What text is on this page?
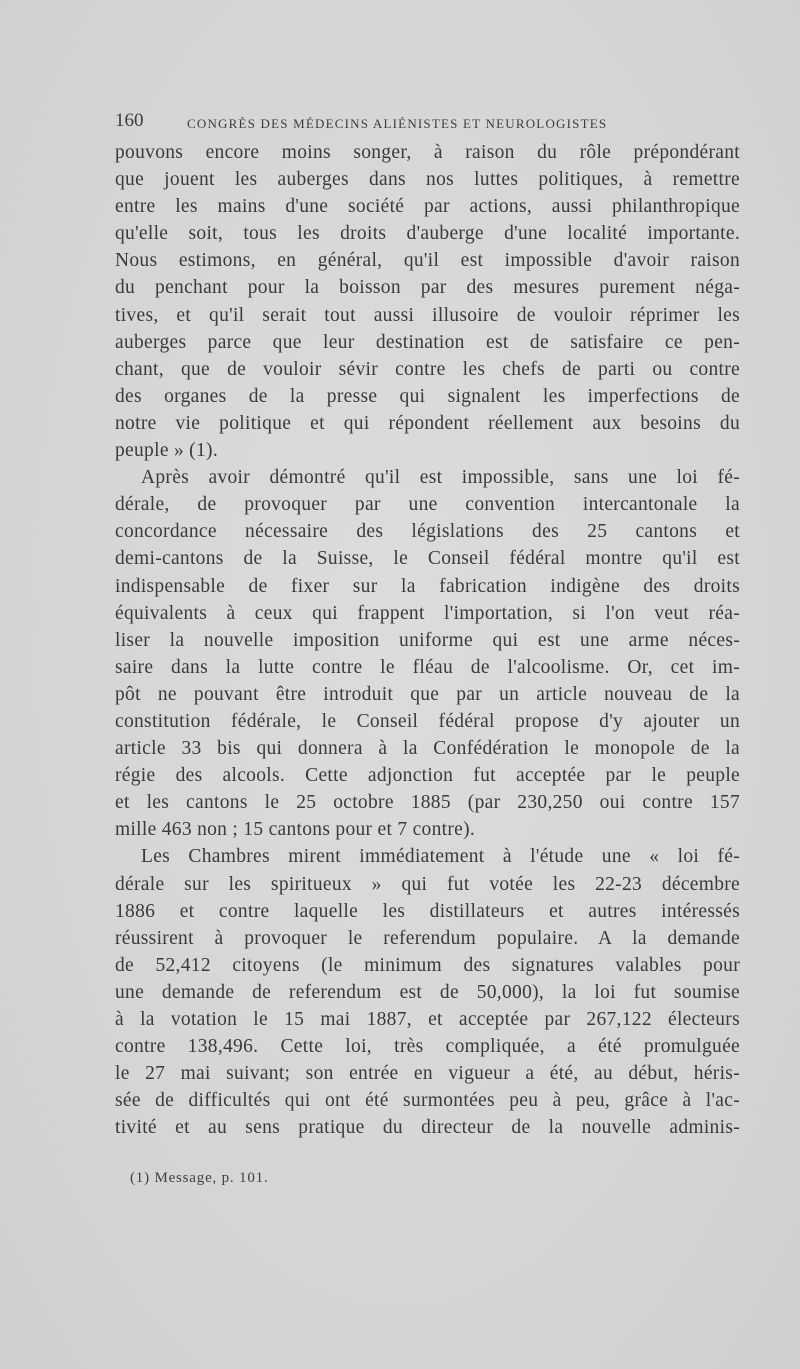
160	CONGRÈS DES MÉDECINS ALIÉNISTES ET NEUROLOGISTES
pouvons encore moins songer, à raison du rôle prépondérant
que jouent les auberges dans nos luttes politiques, à remettre
entre les mains d'une société par actions, aussi philanthropique
qu'elle soit, tous les droits d'auberge d'une localité importante.
Nous estimons, en général, qu'il est impossible d'avoir raison
du penchant pour la boisson par des mesures purement néga-
tives, et qu'il serait tout aussi illusoire de vouloir réprimer les
auberges parce que leur destination est de satisfaire ce pen-
chant, que de vouloir sévir contre les chefs de parti ou contre
des organes de la presse qui signalent les imperfections de
notre vie politique et qui répondent réellement aux besoins du
peuple » (1).
Après avoir démontré qu'il est impossible, sans une loi fé-
dérale, de provoquer par une convention intercantonale la
concordance nécessaire des législations des 25 cantons et
demi-cantons de la Suisse, le Conseil fédéral montre qu'il est
indispensable de fixer sur la fabrication indigène des droits
équivalents à ceux qui frappent l'importation, si l'on veut réa-
liser la nouvelle imposition uniforme qui est une arme néces-
saire dans la lutte contre le fléau de l'alcoolisme. Or, cet im-
pôt ne pouvant être introduit que par un article nouveau de la
constitution fédérale, le Conseil fédéral propose d'y ajouter un
article 33 bis qui donnera à la Confédération le monopole de la
régie des alcools. Cette adjonction fut acceptée par le peuple
et les cantons le 25 octobre 1885 (par 230,250 oui contre 157
mille 463 non ; 15 cantons pour et 7 contre).
Les Chambres mirent immédiatement à l'étude une « loi fé-
dérale sur les spiritueux » qui fut votée les 22-23 décembre
1886 et contre laquelle les distillateurs et autres intéressés
réussirent à provoquer le referendum populaire. A la demande
de 52,412 citoyens (le minimum des signatures valables pour
une demande de referendum est de 50,000), la loi fut soumise
à la votation le 15 mai 1887, et acceptée par 267,122 électeurs
contre 138,496. Cette loi, très compliquée, a été promulguée
le 27 mai suivant; son entrée en vigueur a été, au début, héris-
sée de difficultés qui ont été surmontées peu à peu, grâce à l'ac-
tivité et au sens pratique du directeur de la nouvelle adminis-
(1) Message, p. 101.
